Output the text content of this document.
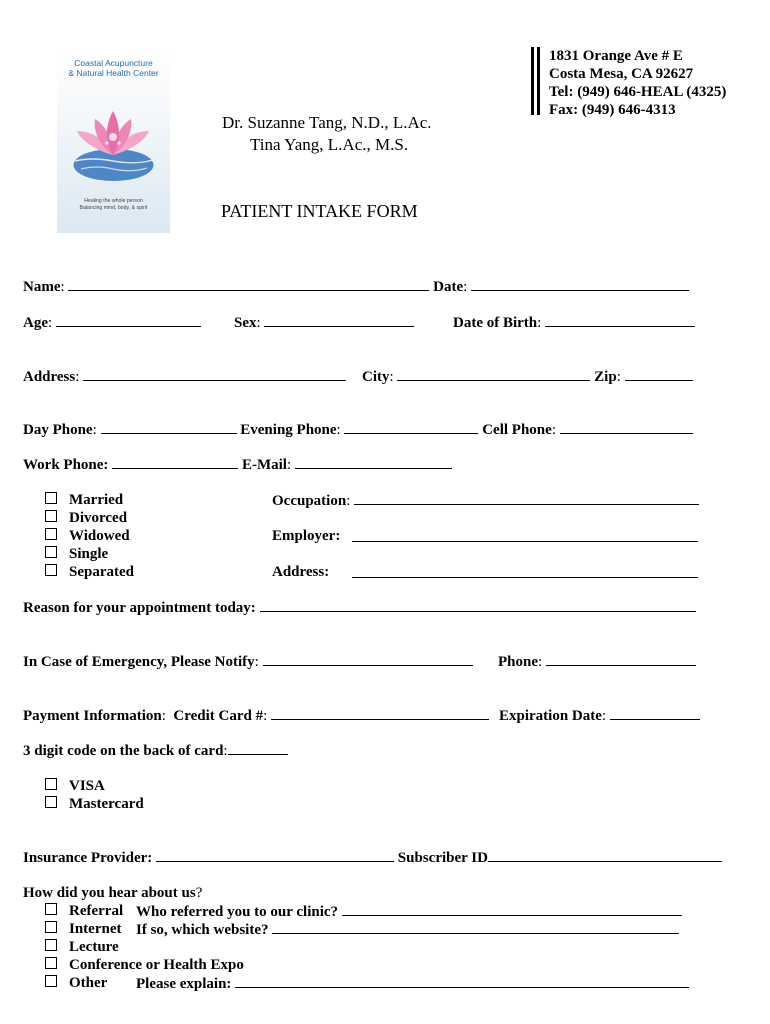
Coastal Acupuncture
& Natural Health Center
Healing the whole person
Balancing mind, body, & spirit
Dr. Suzanne Tang, N.D., L.Ac.
Tina Yang, L.Ac., M.S.
1831 Orange Ave # E
Costa Mesa, CA 92627
Tel: (949) 646-HEAL (4325)
Fax: (949) 646-4313
PATIENT INTAKE FORM
Name:	Date:
Age:	Sex:	Date of Birth:
Address:	City:	Zip:
Day Phone:	Evening Phone:	Cell Phone:
Work Phone:	E-Mail:
Married
Divorced
Widowed
Single
Separated
Occupation:
Employer:
Address:
Reason for your appointment today:
In Case of Emergency, Please Notify:	Phone:
Payment Information:  Credit Card #:	Expiration Date:
3 digit code on the back of card:
VISA
Mastercard
Insurance Provider:	Subscriber ID
How did you hear about us?
Referral Who referred you to our clinic?
Internet If so, which website?
Lecture
Conference or Health Expo
Other Please explain:
